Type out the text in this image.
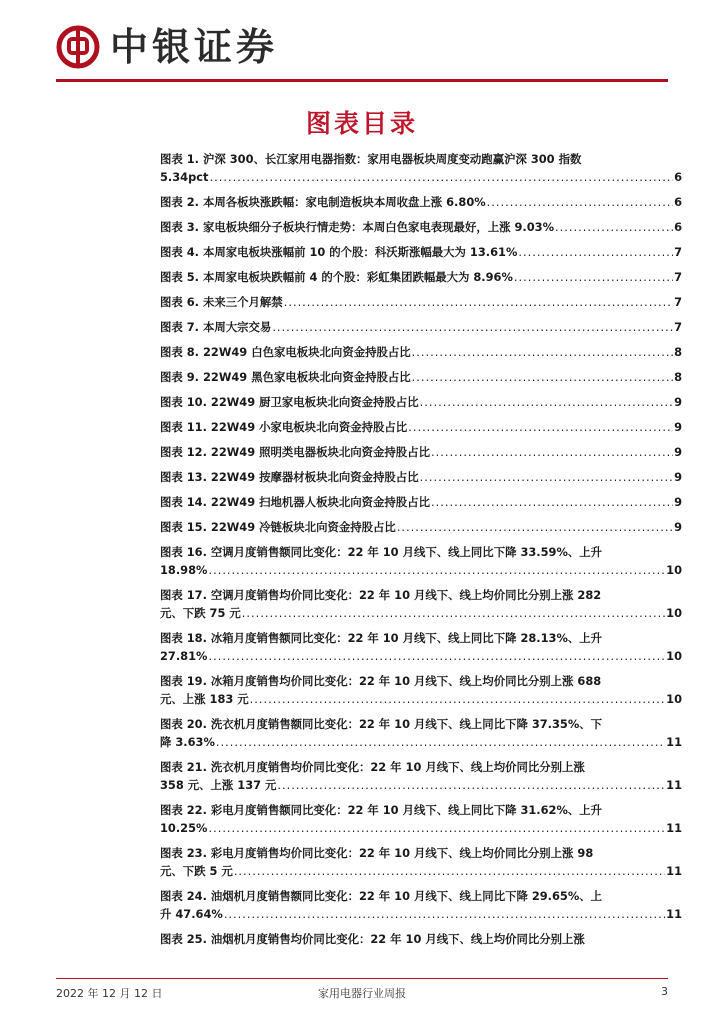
中银证券
图表目录
图表 1. 沪深 300、长江家用电器指数：家用电器板块周度变动跑赢沪深 300 指数
5.34pct .....	6
图表 2. 本周各板块涨跌幅：家电制造板块本周收盘上涨 6.80% .....	6
图表 3. 家电板块细分子板块行情走势：本周白色家电表现最好，上涨 9.03% .....	6
图表 4. 本周家电板块涨幅前 10 的个股：科沃斯涨幅最大为 13.61% .....	7
图表 5. 本周家电板块跌幅前 4 的个股：彩虹集团跌幅最大为 8.96% .....	7
图表 6. 未来三个月解禁 .....	7
图表 7. 本周大宗交易 .....	7
图表 8. 22W49 白色家电板块北向资金持股占比 .....	8
图表 9. 22W49 黑色家电板块北向资金持股占比 .....	8
图表 10. 22W49 厨卫家电板块北向资金持股占比 .....	9
图表 11. 22W49 小家电板块北向资金持股占比 .....	9
图表 12. 22W49 照明类电器板块北向资金持股占比 .....	9
图表 13. 22W49 按摩器材板块北向资金持股占比 .....	9
图表 14. 22W49 扫地机器人板块北向资金持股占比 .....	9
图表 15. 22W49 冷链板块北向资金持股占比 .....	9
图表 16. 空调月度销售额同比变化：22 年 10 月线下、线上同比下降 33.59%、上升
18.98% .....	10
图表 17. 空调月度销售均价同比变化：22 年 10 月线下、线上均价同比分别上涨 282
元、下跌 75 元 .....	10
图表 18. 冰箱月度销售额同比变化：22 年 10 月线下、线上同比下降 28.13%、上升
27.81% .....	10
图表 19. 冰箱月度销售均价同比变化：22 年 10 月线下、线上均价同比分别上涨 688
元、上涨 183 元 .....	10
图表 20. 洗衣机月度销售额同比变化：22 年 10 月线下、线上同比下降 37.35%、下
降 3.63% .....	11
图表 21. 洗衣机月度销售均价同比变化：22 年 10 月线下、线上均价同比分别上涨
358 元、上涨 137 元 .....	11
图表 22. 彩电月度销售额同比变化：22 年 10 月线下、线上同比下降 31.62%、上升
10.25% .....	11
图表 23. 彩电月度销售均价同比变化：22 年 10 月线下、线上均价同比分别上涨 98
元、下跌 5 元 .....	11
图表 24. 油烟机月度销售额同比变化：22 年 10 月线下、线上同比下降 29.65%、上
升 47.64% .....	11
图表 25. 油烟机月度销售均价同比变化：22 年 10 月线下、线上均价同比分别上涨
2022 年 12 月 12 日	家用电器行业周报	3
